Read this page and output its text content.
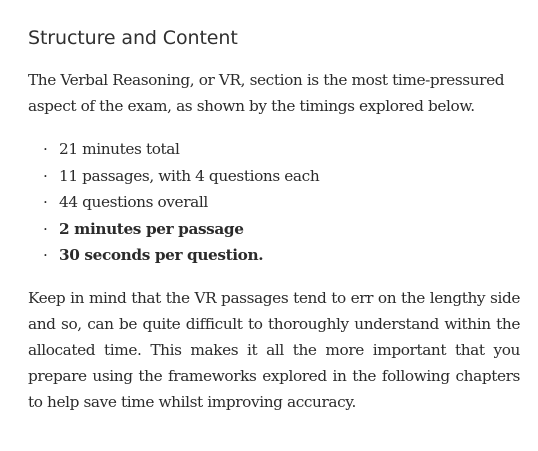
Structure and Content

The Verbal Reasoning, or VR, section is the most time-pressured aspect of the exam, as shown by the timings explored below.

· 21 minutes total
· 11 passages, with 4 questions each
· 44 questions overall
· 2 minutes per passage
· 30 seconds per question.

Keep in mind that the VR passages tend to err on the lengthy side and so, can be quite difficult to thoroughly understand within the allocated time. This makes it all the more important that you prepare using the frameworks explored in the following chapters to help save time whilst improving accuracy.
